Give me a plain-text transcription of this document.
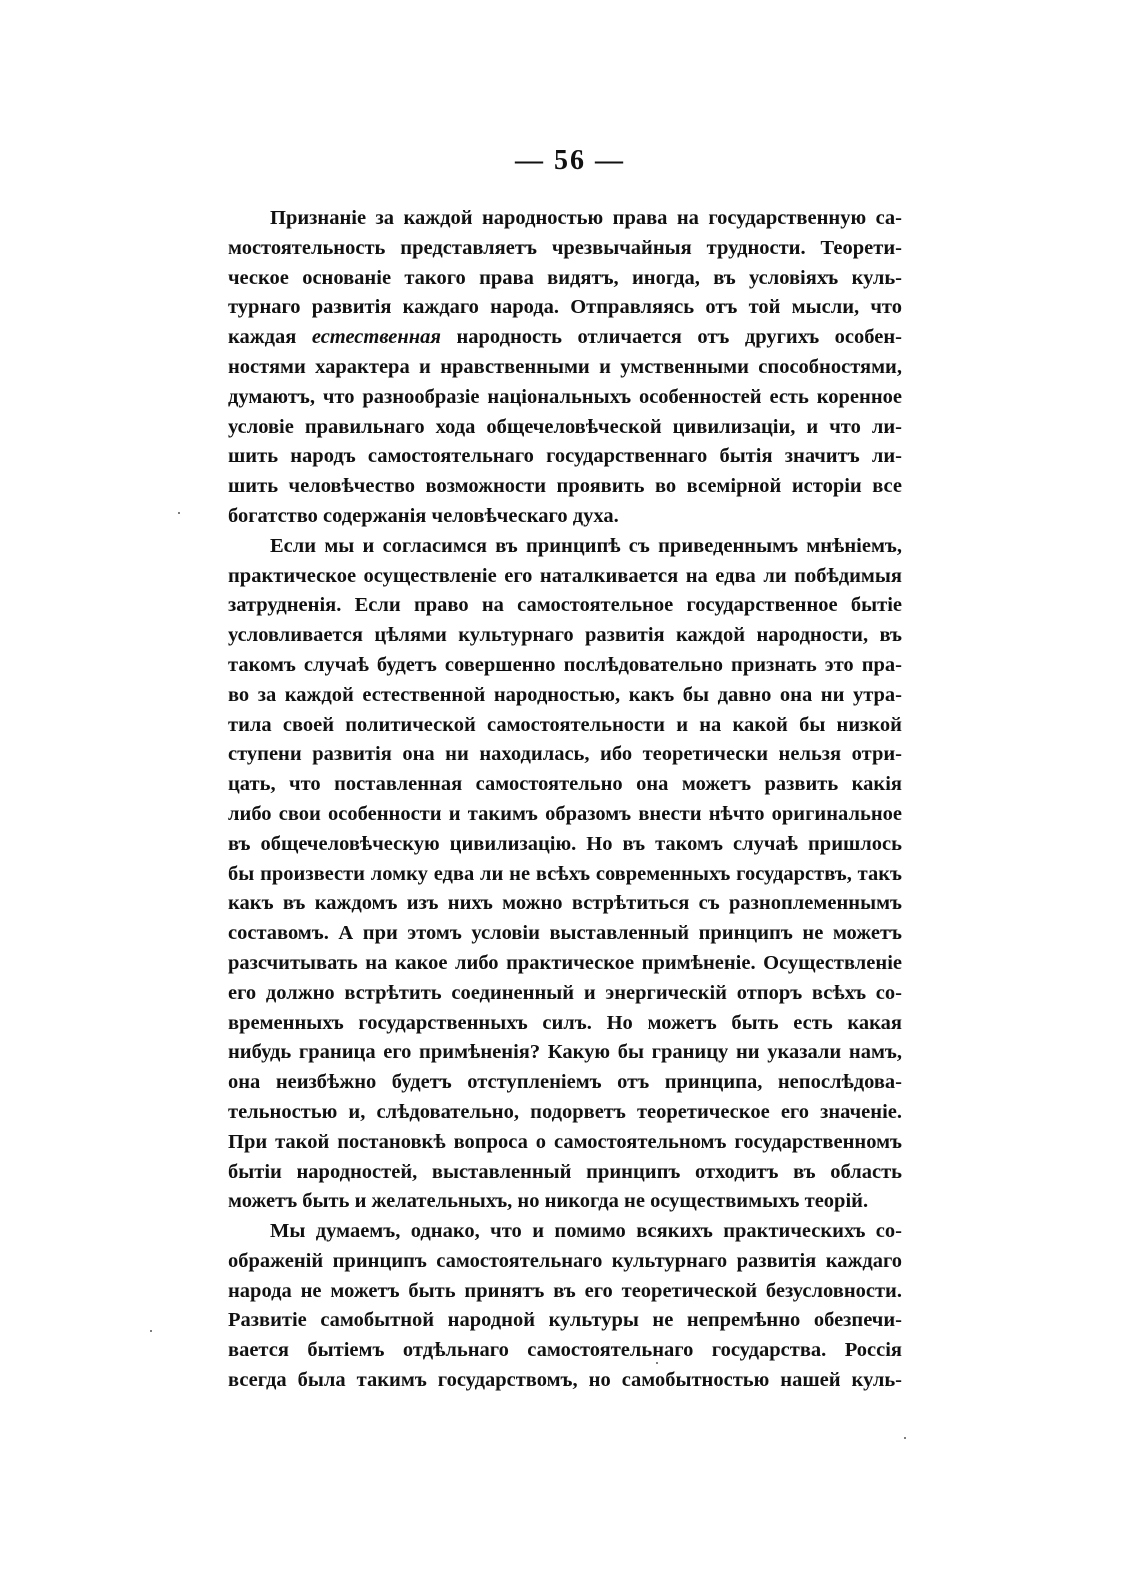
— 56 —
Признаніе за каждой народностью права на государственную са-
мостоятельность представляетъ чрезвычайныя трудности. Теорети-
ческое основаніе такого права видятъ, иногда, въ условіяхъ куль-
турнаго развитія каждаго народа. Отправляясь отъ той мысли, что
каждая естественная народность отличается отъ другихъ особен-
ностями характера и нравственными и умственными способностями,
думаютъ, что разнообразіе національныхъ особенностей есть коренное
условіе правильнаго хода общечеловѣческой цивилизаціи, и что ли-
шить народъ самостоятельнаго государственнаго бытія значитъ ли-
шить человѣчество возможности проявить во всемірной исторіи все
богатство содержанія человѣческаго духа.
Если мы и согласимся въ принципѣ съ приведеннымъ мнѣніемъ,
практическое осуществленіе его наталкивается на едва ли побѣдимыя
затрудненія. Если право на самостоятельное государственное бытіе
условливается цѣлями культурнаго развитія каждой народности, въ
такомъ случаѣ будетъ совершенно послѣдовательно признать это пра-
во за каждой естественной народностью, какъ бы давно она ни утра-
тила своей политической самостоятельности и на какой бы низкой
ступени развитія она ни находилась, ибо теоретически нельзя отри-
цать, что поставленная самостоятельно она можетъ развить какія
либо свои особенности и такимъ образомъ внести нѣчто оригинальное
въ общечеловѣческую цивилизацію. Но въ такомъ случаѣ пришлось
бы произвести ломку едва ли не всѣхъ современныхъ государствъ, такъ
какъ въ каждомъ изъ нихъ можно встрѣтиться съ разноплеменнымъ
составомъ. А при этомъ условіи выставленный принципъ не можетъ
разсчитывать на какое либо практическое примѣненіе. Осуществленіе
его должно встрѣтить соединенный и энергическій отпоръ всѣхъ со-
временныхъ государственныхъ силъ. Но можетъ быть есть какая
нибудь граница его примѣненія? Какую бы границу ни указали намъ,
она неизбѣжно будетъ отступленіемъ отъ принципа, непослѣдова-
тельностью и, слѣдовательно, подорветъ теоретическое его значеніе.
При такой постановкѣ вопроса о самостоятельномъ государственномъ
бытіи народностей, выставленный принципъ отходитъ въ область
можетъ быть и желательныхъ, но никогда не осуществимыхъ теорій.
Мы думаемъ, однако, что и помимо всякихъ практическихъ со-
ображеній принципъ самостоятельнаго культурнаго развитія каждаго
народа не можетъ быть принятъ въ его теоретической безусловности.
Развитіе самобытной народной культуры не непремѣнно обезпечи-
вается бытіемъ отдѣльнаго самостоятельнаго государства. Россія
всегда была такимъ государствомъ, но самобытностью нашей куль-
